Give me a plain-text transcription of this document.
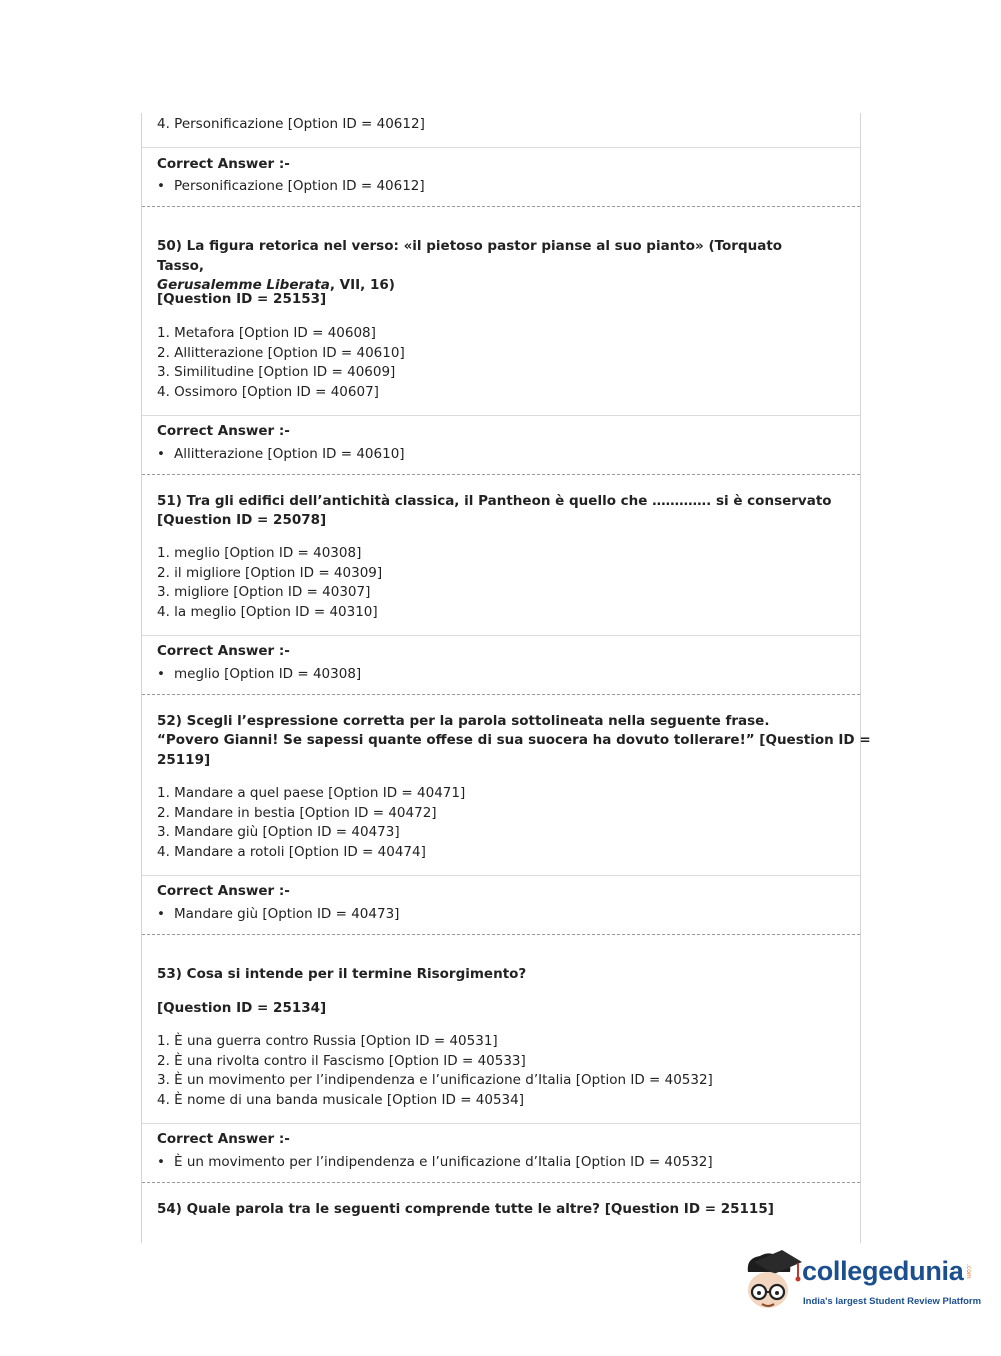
4. Personificazione [Option ID = 40612]
Correct Answer :-
• Personificazione [Option ID = 40612]
50) La figura retorica nel verso: «il pietoso pastor pianse al suo pianto» (Torquato Tasso,
Gerusalemme Liberata, VII, 16)
[Question ID = 25153]
1. Metafora [Option ID = 40608]
2. Allitterazione [Option ID = 40610]
3. Similitudine [Option ID = 40609]
4. Ossimoro [Option ID = 40607]
Correct Answer :-
• Allitterazione [Option ID = 40610]
51) Tra gli edifici dell’antichità classica, il Pantheon è quello che …………. si è conservato
[Question ID = 25078]
1. meglio [Option ID = 40308]
2. il migliore [Option ID = 40309]
3. migliore [Option ID = 40307]
4. la meglio [Option ID = 40310]
Correct Answer :-
• meglio [Option ID = 40308]
52) Scegli l’espressione corretta per la parola sottolineata nella seguente frase.
“Povero Gianni! Se sapessi quante offese di sua suocera ha dovuto tollerare!” [Question ID =
25119]
1. Mandare a quel paese [Option ID = 40471]
2. Mandare in bestia [Option ID = 40472]
3. Mandare giù [Option ID = 40473]
4. Mandare a rotoli [Option ID = 40474]
Correct Answer :-
• Mandare giù [Option ID = 40473]
53) Cosa si intende per il termine Risorgimento?
[Question ID = 25134]
1. È una guerra contro Russia [Option ID = 40531]
2. È una rivolta contro il Fascismo [Option ID = 40533]
3. È un movimento per l’indipendenza e l’unificazione d’Italia [Option ID = 40532]
4. È nome di una banda musicale [Option ID = 40534]
Correct Answer :-
• È un movimento per l’indipendenza e l’unificazione d’Italia [Option ID = 40532]
54) Quale parola tra le seguenti comprende tutte le altre? [Question ID = 25115]
collegedunia .com
India's largest Student Review Platform
